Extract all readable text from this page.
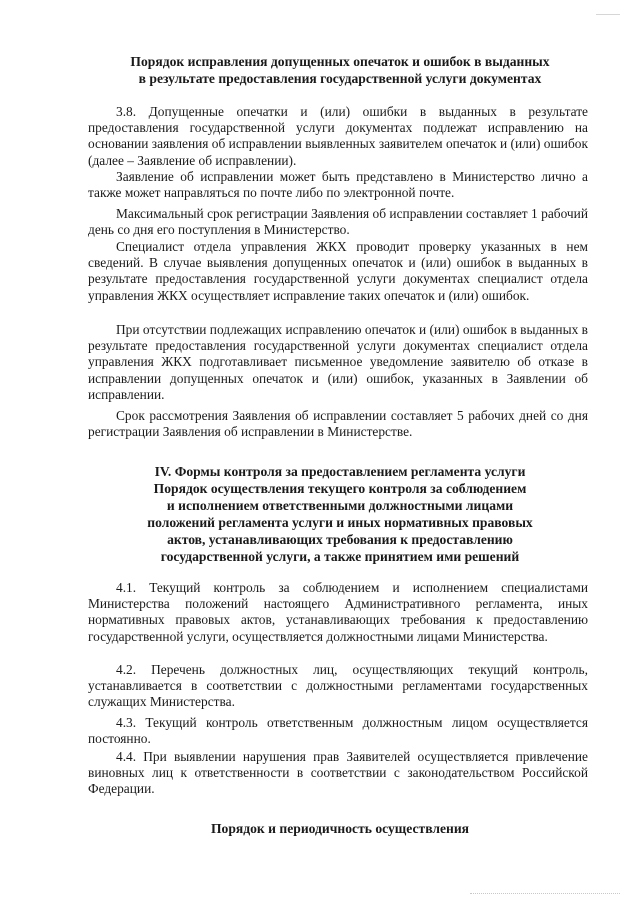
Порядок исправления допущенных опечаток и ошибок в выданных
в результате предоставления государственной услуги документах
3.8. Допущенные опечатки и (или) ошибки в выданных в результате предоставления государственной услуги документах подлежат исправлению на основании заявления об исправлении выявленных заявителем опечаток и (или) ошибок (далее – Заявление об исправлении).
Заявление об исправлении может быть представлено в Министерство лично а также может направляться по почте либо по электронной почте.
Максимальный срок регистрации Заявления об исправлении составляет 1 рабочий день со дня его поступления в Министерство.
Специалист отдела управления ЖКХ проводит проверку указанных в нем сведений. В случае выявления допущенных опечаток и (или) ошибок в выданных в результате предоставления государственной услуги документах специалист отдела управления ЖКХ осуществляет исправление таких опечаток и (или) ошибок.
При отсутствии подлежащих исправлению опечаток и (или) ошибок в выданных в результате предоставления государственной услуги документах специалист отдела управления ЖКХ подготавливает письменное уведомление заявителю об отказе в исправлении допущенных опечаток и (или) ошибок, указанных в Заявлении об исправлении.
Срок рассмотрения Заявления об исправлении составляет 5 рабочих дней со дня регистрации Заявления об исправлении в Министерстве.
IV. Формы контроля за предоставлением регламента услуги
Порядок осуществления текущего контроля за соблюдением
и исполнением ответственными должностными лицами
положений регламента услуги и иных нормативных правовых
актов, устанавливающих требования к предоставлению
государственной услуги, а также принятием ими решений
4.1. Текущий контроль за соблюдением и исполнением специалистами Министерства положений настоящего Административного регламента, иных нормативных правовых актов, устанавливающих требования к предоставлению государственной услуги, осуществляется должностными лицами Министерства.
4.2. Перечень должностных лиц, осуществляющих текущий контроль, устанавливается в соответствии с должностными регламентами государственных служащих Министерства.
4.3. Текущий контроль ответственным должностным лицом осуществляется постоянно.
4.4. При выявлении нарушения прав Заявителей осуществляется привлечение виновных лиц к ответственности в соответствии с законодательством Российской Федерации.
Порядок и периодичность осуществления
